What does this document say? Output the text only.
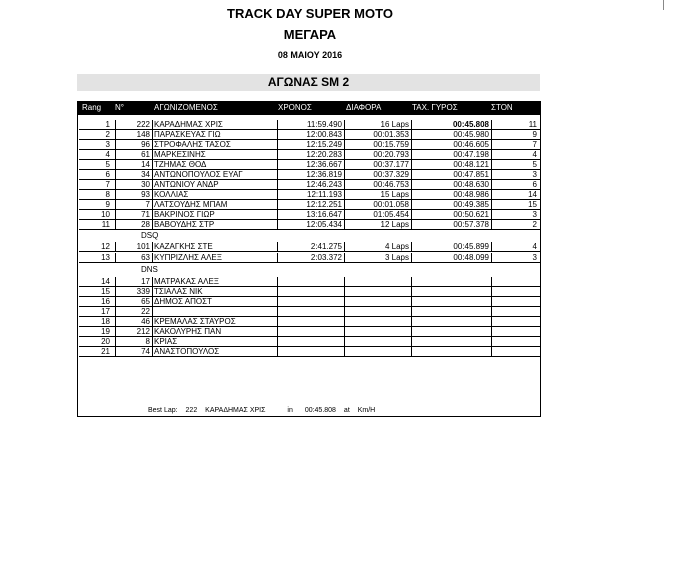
TRACK DAY SUPER MOTO
ΜΕΓΑΡΑ
08 ΜΑΙΟΥ 2016
ΑΓΩΝΑΣ SM 2
Rang N°	ΑΓΩΝΙΖΟΜΕΝΟΣ	ΧΡΟΝΟΣ	ΔΙΑΦΟΡΑ	ΤΑΧ. ΓΥΡΟΣ	ΣΤΟΝ
1	222 ΚΑΡΑΔΗΜΑΣ ΧΡΙΣ	11:59.490	16 Laps	00:45.808	11
2	148 ΠΑΡΑΣΚΕΥΑΣ ΓΙΩ	12:00.843	00:01.353	00:45.980	9
3	96 ΣΤΡΟΦΑΛΗΣ ΤΑΣΟΣ	12:15.249	00:15.759	00:46.605	7
4	61 ΜΑΡΚΕΣΙΝΗΣ	12:20.283	00:20.793	00:47.198	4
5	14 ΤΖΗΜΑΣ ΘΟΔ	12:36.667	00:37.177	00:48.121	5
6	34 ΑΝΤΩΝΟΠΟΥΛΟΣ ΕΥΑΓ	12:36.819	00:37.329	00:47.851	3
7	30 ΑΝΤΩΝΙΟΥ ΑΝΔΡ	12:46.243	00:46.753	00:48.630	6
8	93 ΚΟΛΛΙΑΣ	12:11.193	15 Laps	00:48.986	14
9	7 ΛΑΤΣΟΥΔΗΣ ΜΠΑΜ	12:12.251	00:01.058	00:49.385	15
10	71 ΒΑΚΡΙΝΟΣ ΓΙΩΡ	13:16.647	01:05.454	00:50.621	3
11	28 ΒΑΒΟΥΔΗΣ ΣΤΡ	12:05.434	12 Laps	00:57.378	2
DSQ
12	101 ΚΑΖΑΓΚΗΣ ΣΤΕ	2:41.275	4 Laps	00:45.899	4
13	63 ΚΥΠΡΙΖΛΗΣ ΑΛΕΞ	2:03.372	3 Laps	00:48.099	3
DNS
14	17 ΜΑΤΡΑΚΑΣ ΑΛΕΞ
15	339 ΤΣΙΑΛΑΣ ΝΙΚ
16	65 ΔΗΜΟΣ ΑΠΟΣΤ
17	22
18	46 ΚΡΕΜΑΛΑΣ ΣΤΑΥΡΟΣ
19	212 ΚΑΚΟΛΥΡΗΣ ΠΑΝ
20	8 ΚΡΙΑΣ
21	74 ΑΝΑΣΤΟΠΟΥΛΟΣ
Best Lap: 222 ΚΑΡΑΔΗΜΑΣ ΧΡΙΣ	in 00:45.808 at Km/H
